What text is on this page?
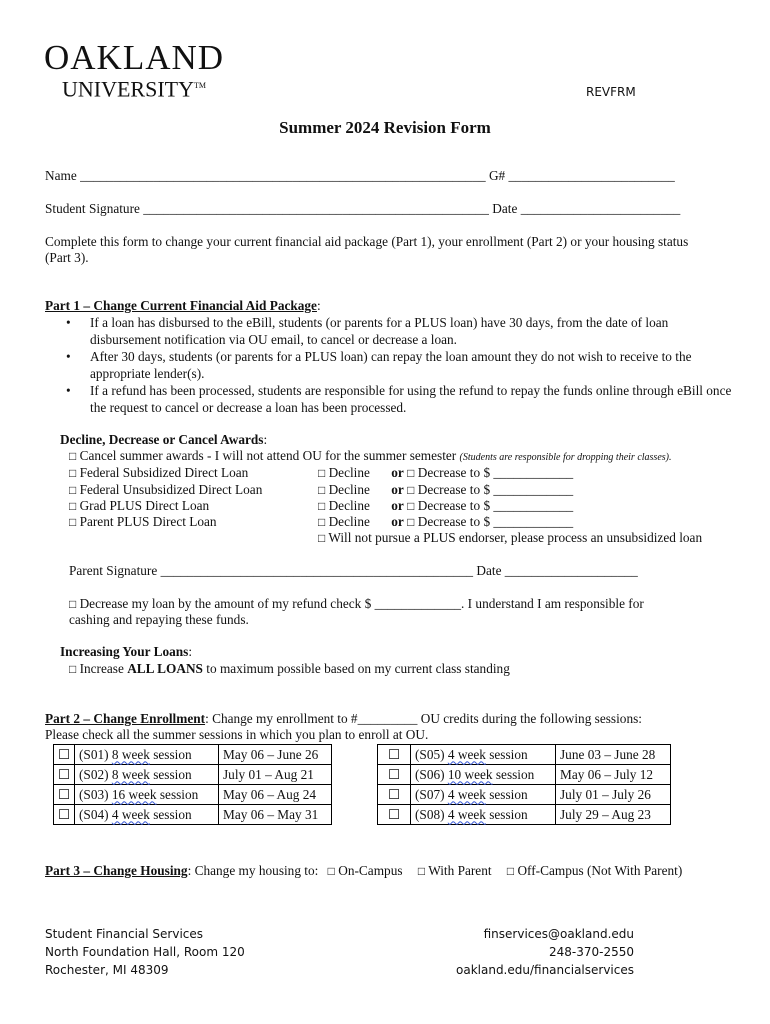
OAKLAND
UNIVERSITY™	REVFRM
Summer 2024 Revision Form
Name _____________________________________________________________ G# _________________________
Student Signature ____________________________________________________ Date ________________________
Complete this form to change your current financial aid package (Part 1), your enrollment (Part 2) or your housing status
(Part 3).
Part 1 – Change Current Financial Aid Package:
• If a loan has disbursed to the eBill, students (or parents for a PLUS loan) have 30 days, from the date of loan disbursement notification via OU email, to cancel or decrease a loan.
• After 30 days, students (or parents for a PLUS loan) can repay the loan amount they do not wish to receive to the appropriate lender(s).
• If a refund has been processed, students are responsible for using the refund to repay the funds online through eBill once the request to cancel or decrease a loan has been processed.
Decline, Decrease or Cancel Awards:
□ Cancel summer awards - I will not attend OU for the summer semester (Students are responsible for dropping their classes).
□ Federal Subsidized Direct Loan	□ Decline or □ Decrease to $ ____________
□ Federal Unsubsidized Direct Loan	□ Decline or □ Decrease to $ ____________
□ Grad PLUS Direct Loan	□ Decline or □ Decrease to $ ____________
□ Parent PLUS Direct Loan	□ Decline or □ Decrease to $ ____________
□ Will not pursue a PLUS endorser, please process an unsubsidized loan
Parent Signature _______________________________________________ Date ____________________
□ Decrease my loan by the amount of my refund check $ _____________. I understand I am responsible for
cashing and repaying these funds.
Increasing Your Loans:
□ Increase ALL LOANS to maximum possible based on my current class standing
Part 2 – Change Enrollment: Change my enrollment to #_________ OU credits during the following sessions:
Please check all the summer sessions in which you plan to enroll at OU.
☐	(S01) 8 week session	May 06 – June 26
☐	(S02) 8 week session	July 01 – Aug 21
☐	(S03) 16 week session	May 06 – Aug 24
☐	(S04) 4 week session	May 06 – May 31
☐	(S05) 4 week session	June 03 – June 28
☐	(S06) 10 week session	May 06 – July 12
☐	(S07) 4 week session	July 01 – July 26
☐	(S08) 4 week session	July 29 – Aug 23
Part 3 – Change Housing: Change my housing to: □ On-Campus □ With Parent □ Off-Campus (Not With Parent)
Student Financial Services
North Foundation Hall, Room 120
Rochester, MI 48309
finservices@oakland.edu
248-370-2550
oakland.edu/financialservices
